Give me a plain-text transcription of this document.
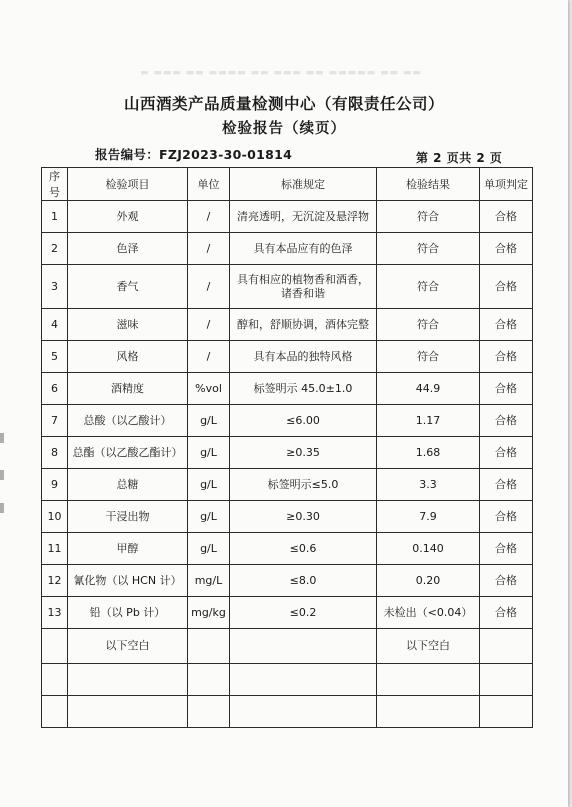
▬ ▬▬▬ ▬▬ ▬▬▬▬ ▬▬ ▬▬▬ ▬▬ ▬▬▬▬▬ ▬▬ ▬▬
山西酒类产品质量检测中心（有限责任公司）
检验报告（续页）
报告编号：FZJ2023-30-01814	第 2 页共 2 页
序号	检验项目	单位	标准规定	检验结果	单项判定
1	外观	/	清亮透明，无沉淀及悬浮物	符合	合格
2	色泽	/	具有本品应有的色泽	符合	合格
3	香气	/	具有相应的植物香和酒香，诸香和谐	符合	合格
4	滋味	/	醇和，舒顺协调，酒体完整	符合	合格
5	风格	/	具有本品的独特风格	符合	合格
6	酒精度	%vol	标签明示 45.0±1.0	44.9	合格
7	总酸（以乙酸计）	g/L	≤6.00	1.17	合格
8	总酯（以乙酸乙酯计）	g/L	≥0.35	1.68	合格
9	总糖	g/L	标签明示≤5.0	3.3	合格
10	干浸出物	g/L	≥0.30	7.9	合格
11	甲醇	g/L	≤0.6	0.140	合格
12	氰化物（以 HCN 计）	mg/L	≤8.0	0.20	合格
13	铅（以 Pb 计）	mg/kg	≤0.2	未检出（<0.04）	合格
	以下空白			以下空白	
